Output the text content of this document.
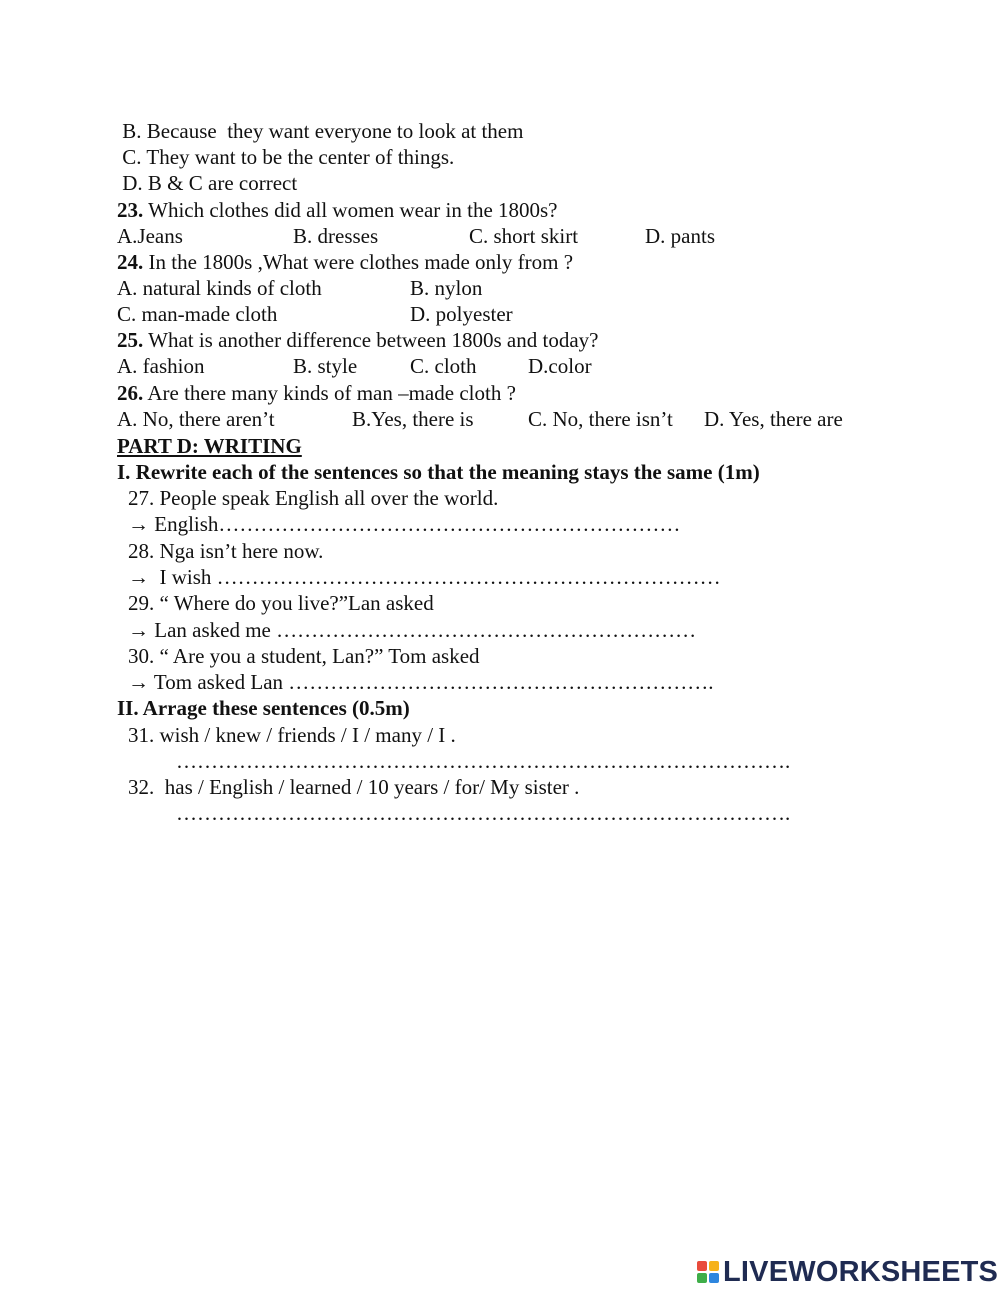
B. Because  they want everyone to look at them
C. They want to be the center of things.
D. B & C are correct
23. Which clothes did all women wear in the 1800s?
A.Jeans	B. dresses	C. short skirt	D. pants
24. In the 1800s ,What were clothes made only from ?
A. natural kinds of cloth	B. nylon
C. man-made cloth	D. polyester
25. What is another difference between 1800s and today?
A. fashion	B. style	C. cloth D.color
26. Are there many kinds of man –made cloth ?
A. No, there aren’t	B.Yes, there is	C. No, there isn’t D. Yes, there are
PART D: WRITING
I. Rewrite each of the sentences so that the meaning stays the same (1m)
27. People speak English all over the world.
→ English…………………………………………………………
28. Nga isn’t here now.
→  I wish ………………………………………………………………
29. “ Where do you live?”Lan asked
→ Lan asked me ……………………………………………………
30. “ Are you a student, Lan?” Tom asked
→ Tom asked Lan …………………………………………………….
II. Arrage these sentences (0.5m)
31. wish / knew / friends / I / many / I .
…………………………………………………………………………….
32.  has / English / learned / 10 years / for/ My sister .
…………………………………………………………………………….
LIVEWORKSHEETS
